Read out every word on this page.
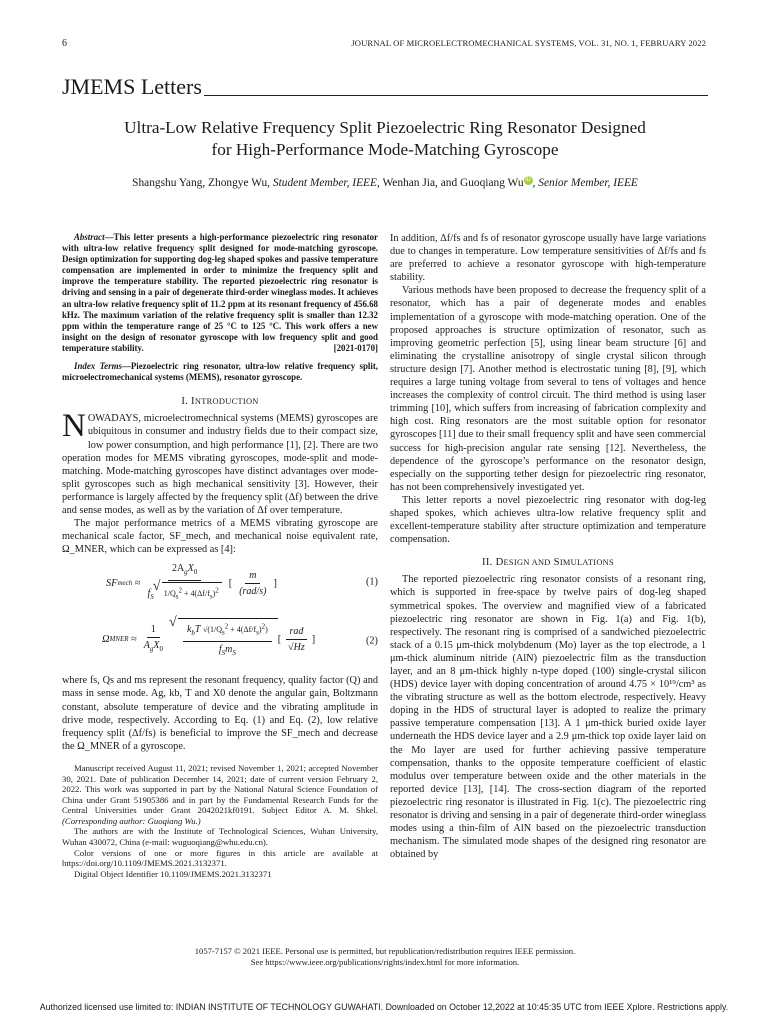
6	JOURNAL OF MICROELECTROMECHANICAL SYSTEMS, VOL. 31, NO. 1, FEBRUARY 2022
JMEMS Letters
Ultra-Low Relative Frequency Split Piezoelectric Ring Resonator Designed
for High-Performance Mode-Matching Gyroscope
Shangshu Yang, Zhongye Wu, Student Member, IEEE, Wenhan Jia, and Guoqiang Wu iD , Senior Member, IEEE

Abstract—This letter presents a high-performance piezoelectric ring resonator with ultra-low relative frequency split designed for mode-matching gyroscope. Design optimization for supporting dog-leg shaped spokes and passive temperature compensation are implemented in order to minimize the frequency split and improve the temperature stability. The reported piezoelectric ring resonator is driving and sensing in a pair of degenerate third-order wineglass modes. It achieves an ultra-low relative frequency split of 11.2 ppm at its resonant frequency of 456.68 kHz. The maximum variation of the relative frequency split is smaller than 12.32 ppm within the temperature range of 25 °C to 125 °C. This work offers a new insight on the design of resonator gyroscope with low frequency split and good temperature stability.	[2021-0170]

Index Terms—Piezoelectric ring resonator, ultra-low relative frequency split, microelectromechanical systems (MEMS), resonator gyroscope.

I. INTRODUCTION

NOWADAYS, microelectromechnical systems (MEMS) gyroscopes are ubiquitous in consumer and industry fields due to their compact size, low power consumption, and high performance [1], [2]. There are two operation modes for MEMS vibrating gyroscopes, mode-split and mode-matching. Mode-matching gyroscopes have distinct advantages over mode-split gyroscopes such as high mechanical sensitivity [3]. However, their performance is largely affected by the frequency split (Δf) between the drive and sense modes, as well as by the variation of Δf over temperature.

The major performance metrics of a MEMS vibrating gyroscope are mechanical scale factor, SF_mech, and mechanical noise equivalent rate, Ω_MNER, which can be expressed as [4]:

SF mech ≈ $\frac{2A_gX_0}{f_S √ 1/Q_s^2 + 4(\Delta f/f_s)^2}$ [ $\frac{m}{\text{(rad/s)}}$ ]	(1)
Ω MNER ≈ $\frac{1}{A_gX_0}$ √ $\frac{k_bT √(1/Q_s^2 + 4(\Delta f/f_s)^2)}{f_Sm_S}$ [ $\frac{\text{rad}}{√Hz}$ ]	(2)

where fs, Qs and ms represent the resonant frequency, quality factor (Q) and mass in sense mode. Ag, kb, T and X0 denote the angular gain, Boltzmann constant, absolute temperature of device and the vibrating amplitude in drive mode, respectively. According to Eq. (1) and Eq. (2), low relative frequency split (Δf/fs) is beneficial to improve the SF_mech and decrease the Ω_MNER of a gyroscope.

Manuscript received August 11, 2021; revised November 1, 2021; accepted November 30, 2021. Date of publication December 14, 2021; date of current version February 2, 2022. This work was supported in part by the National Natural Science Foundation of China under Grant 51905386 and in part by the Fundamental Research Funds for the Central Universities under Grant 2042021kf0191. Subject Editor A. M. Shkel. (Corresponding author: Guoqiang Wu.)

The authors are with the Institute of Technological Sciences, Wuhan University, Wuhan 430072, China (e-mail: wuguoqiang@whu.edu.cn).

Color versions of one or more figures in this article are available at https://doi.org/10.1109/JMEMS.2021.3132371.

Digital Object Identifier 10.1109/JMEMS.2021.3132371

In addition, Δf/fs and fs of resonator gyroscope usually have large variations due to changes in temperature. Low temperature sensitivities of Δf/fs and fs are preferred to achieve a resonator gyroscope with high-temperature stability.

Various methods have been proposed to decrease the frequency split of a resonator, which has a pair of degenerate modes and enables implementation of a gyroscope with mode-matching operation. One of the proposed approaches is structure optimization of resonator, such as improving geometric perfection [5], using linear beam structure [6] and eliminating the crystalline anisotropy of single crystal silicon through structure design [7]. Another method is electrostatic tuning [8], [9], which requires a large tuning voltage from several to tens of voltages and hence increases the complexity of control circuit. The third method is using laser trimming [10], which suffers from increasing of fabrication complexity and high cost. Ring resonators are the most suitable option for resonator gyroscopes [11] due to their small frequency split and have seen commercial success for high-precision angular rate sensing [12]. Nevertheless, the dependence of the gyroscope’s performance on the resonator design, especially on the supporting tether design for piezoelectric ring resonator, has not been comprehensively investigated yet.

This letter reports a novel piezoelectric ring resonator with dog-leg shaped spokes, which achieves ultra-low relative frequency split and excellent-temperature stability after structure optimization and temperature compensation.

II. DESIGN AND SIMULATIONS

The reported piezoelectric ring resonator consists of a resonant ring, which is supported in free-space by twelve pairs of dog-leg shaped symmetrical spokes. The overview and magnified view of a fabricated piezoelectric ring resonator are shown in Fig. 1(a) and Fig. 1(b), respectively. The resonant ring is comprised of a sandwiched piezoelectric stack of a 0.15 μm-thick molybdenum (Mo) layer as the top electrode, a 1 μm-thick aluminum nitride (AlN) piezoelectric film as the transduction layer, and an 8 μm-thick highly n-type doped (100) single-crystal silicon (HDS) device layer with doping concentration of around 4.75 × 10¹⁹/cm³ as the vibrating structure as well as the bottom electrode, respectively. Heavy doping in the HDS of structural layer is adopted to realize the primary passive temperature compensation [13]. A 1 μm-thick buried oxide layer underneath the HDS device layer and a 2.9 μm-thick top oxide layer laid on the Mo layer are used for further achieving passive temperature compensation, thanks to the opposite temperature coefficient of elastic modulus over temperature between oxide and the other materials in the reported device [13], [14]. The cross-section diagram of the reported piezoelectric ring resonator is illustrated in Fig. 1(c). The piezoelectric ring resonator is driving and sensing in a pair of degenerate third-order wineglass modes using a thin-film of AlN based on the piezoelectric transduction mechanism. The simulated mode shapes of the designed ring resonator are obtained by

1057-7157 © 2021 IEEE. Personal use is permitted, but republication/redistribution requires IEEE permission.
See https://www.ieee.org/publications/rights/index.html for more information.
Authorized licensed use limited to: INDIAN INSTITUTE OF TECHNOLOGY GUWAHATI. Downloaded on October 12,2022 at 10:45:35 UTC from IEEE Xplore. Restrictions apply.
